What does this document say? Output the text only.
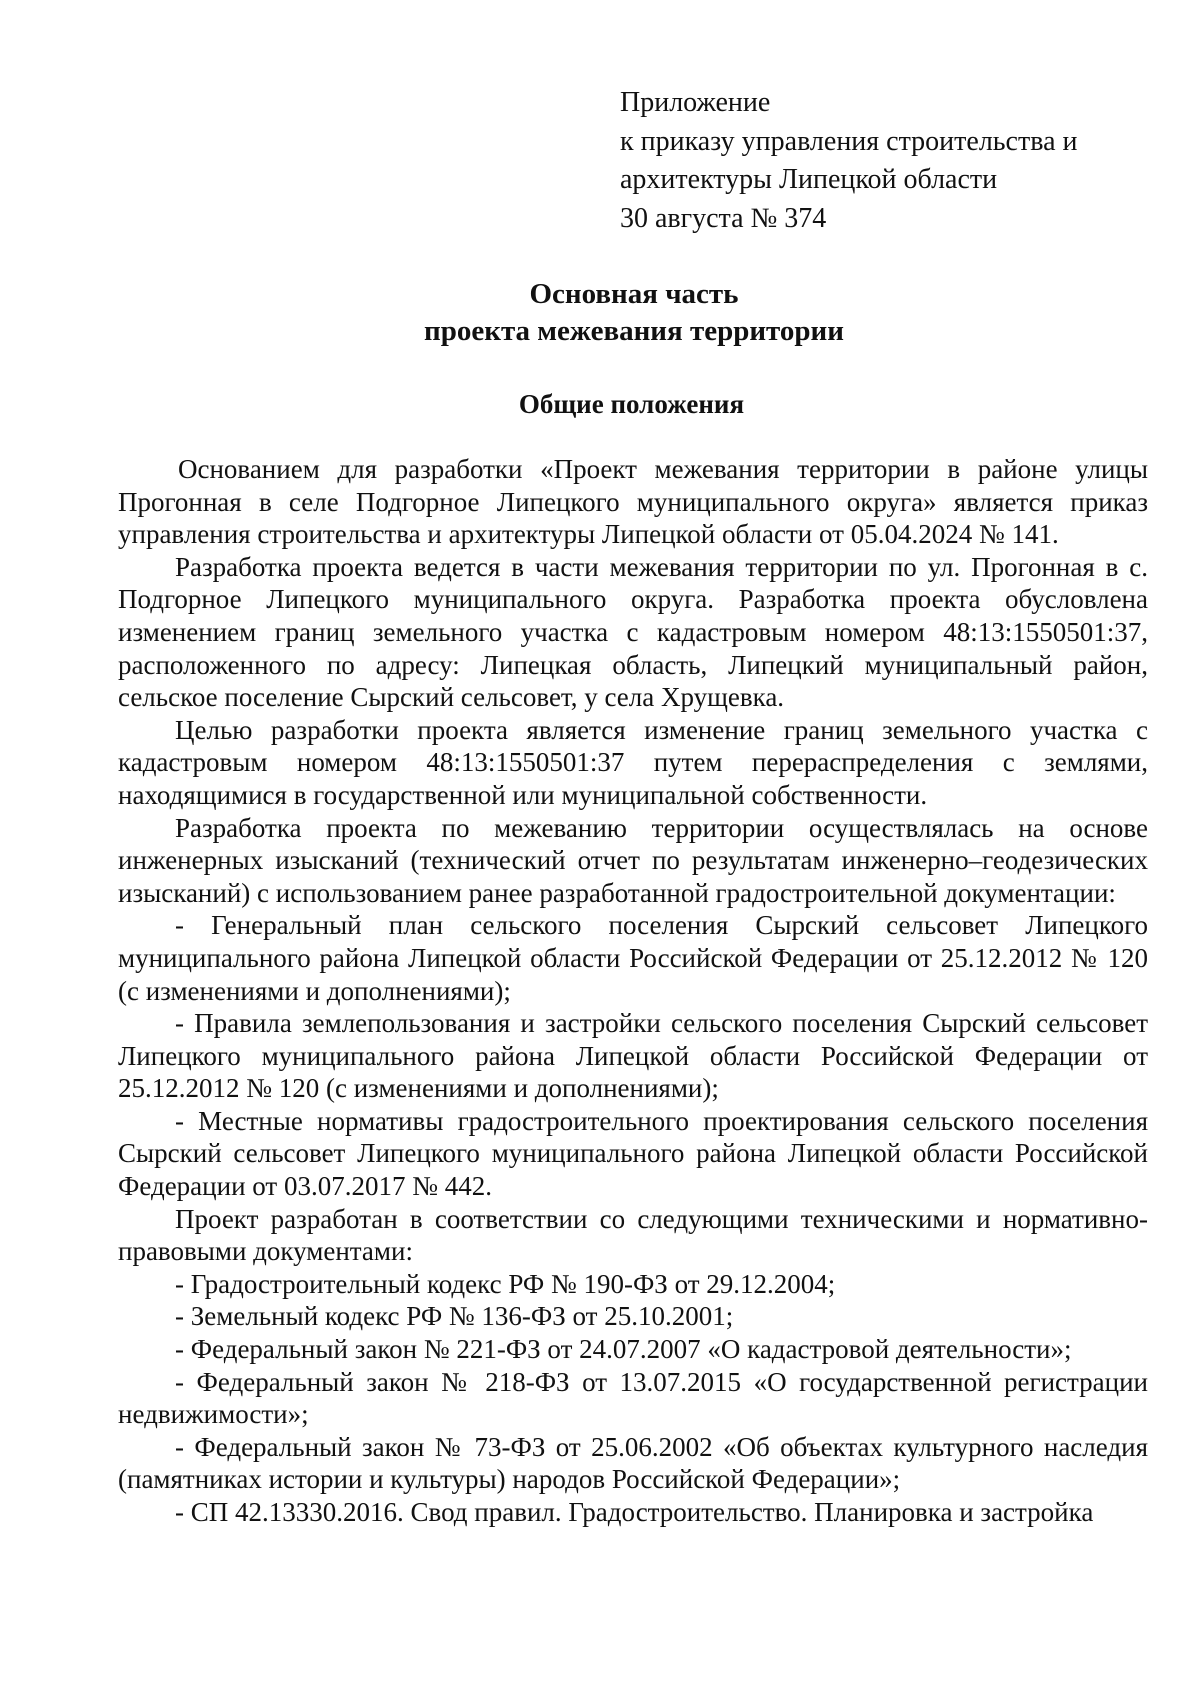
Приложение
к приказу управления строительства и
архитектуры Липецкой области
30 августа № 374
Основная часть
проекта межевания территории
Общие положения

Основанием для разработки «Проект межевания территории в районе улицы Прогонная в селе Подгорное Липецкого муниципального округа» является приказ управления строительства и архитектуры Липецкой области от 05.04.2024 № 141.

Разработка проекта ведется в части межевания территории по ул. Прогонная в с. Подгорное Липецкого муниципального округа. Разработка проекта обусловлена изменением границ земельного участка с кадастровым номером 48:13:1550501:37, расположенного по адресу: Липецкая область, Липецкий муниципальный район, сельское поселение Сырский сельсовет, у села Хрущевка.

Целью разработки проекта является изменение границ земельного участка с кадастровым номером 48:13:1550501:37 путем перераспределения с землями, находящимися в государственной или муниципальной собственности.

Разработка проекта по межеванию территории осуществлялась на основе инженерных изысканий (технический отчет по результатам инженерно–геодезических изысканий) с использованием ранее разработанной градостроительной документации:

- Генеральный план сельского поселения Сырский сельсовет Липецкого муниципального района Липецкой области Российской Федерации от 25.12.2012 № 120 (с изменениями и дополнениями);

- Правила землепользования и застройки сельского поселения Сырский сельсовет Липецкого муниципального района Липецкой области Российской Федерации от 25.12.2012 № 120 (с изменениями и дополнениями);

- Местные нормативы градостроительного проектирования сельского поселения Сырский сельсовет Липецкого муниципального района Липецкой области Российской Федерации от 03.07.2017 № 442.

Проект разработан в соответствии со следующими техническими и нормативно-правовыми документами:

- Градостроительный кодекс РФ № 190-ФЗ от 29.12.2004;

- Земельный кодекс РФ № 136-ФЗ от 25.10.2001;

- Федеральный закон № 221-ФЗ от 24.07.2007 «О кадастровой деятельности»;

- Федеральный закон № 218-ФЗ от 13.07.2015 «О государственной регистрации недвижимости»;

- Федеральный закон № 73-ФЗ от 25.06.2002 «Об объектах культурного наследия (памятниках истории и культуры) народов Российской Федерации»;

- СП 42.13330.2016. Свод правил. Градостроительство. Планировка и застройка
